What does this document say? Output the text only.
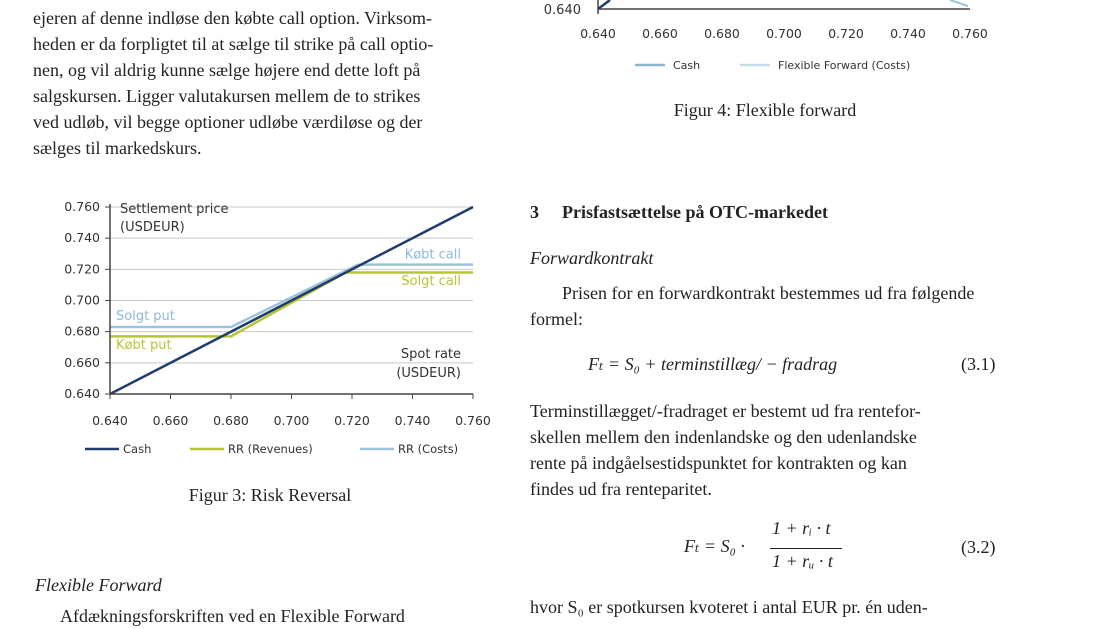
ejeren af denne indløse den købte call option. Virksom-

heden er da forpligtet til at sælge til strike på call optio-

nen, og vil aldrig kunne sælge højere end dette loft på

salgskursen. Ligger valutakursen mellem de to strikes

ved udløb, vil begge optioner udløbe værdiløse og der

sælges til markedskurs.

0.640
0.660
0.680
0.700
0.720
0.740
0.760
0.640 0.660 0.680 0.700 0.720 0.740 0.760
Settlement price
(USDEUR)
Spot rate
(USDEUR)
Købt call
Solgt call
Solgt put
Købt put
Cash	RR (Revenues)	RR (Costs)
Figur 3: Risk Reversal
Flexible Forward
Afdækningsforskriften ved en Flexible Forward
0.640
0.640 0.660 0.680 0.700 0.720 0.740 0.760
Cash	Flexible Forward (Costs)
Figur 4: Flexible forward
3 Prisfastsættelse på OTC-markedet
Forwardkontrakt

Prisen for en forwardkontrakt bestemmes ud fra følgende

formel:

Fₜ = S₀ + terminstillæg/ − fradrag	(3.1)

Terminstillægget/-fradraget er bestemt ud fra rentefor-

skellen mellem den indenlandske og den udenlandske

rente på indgåelsestidspunktet for kontrakten og kan

findes ud fra renteparitet.

Fₜ = S₀ ·
1 + rᵢ · t
1 + rᵤ · t
(3.2)
hvor S₀ er spotkursen kvoteret i antal EUR pr. én uden-
